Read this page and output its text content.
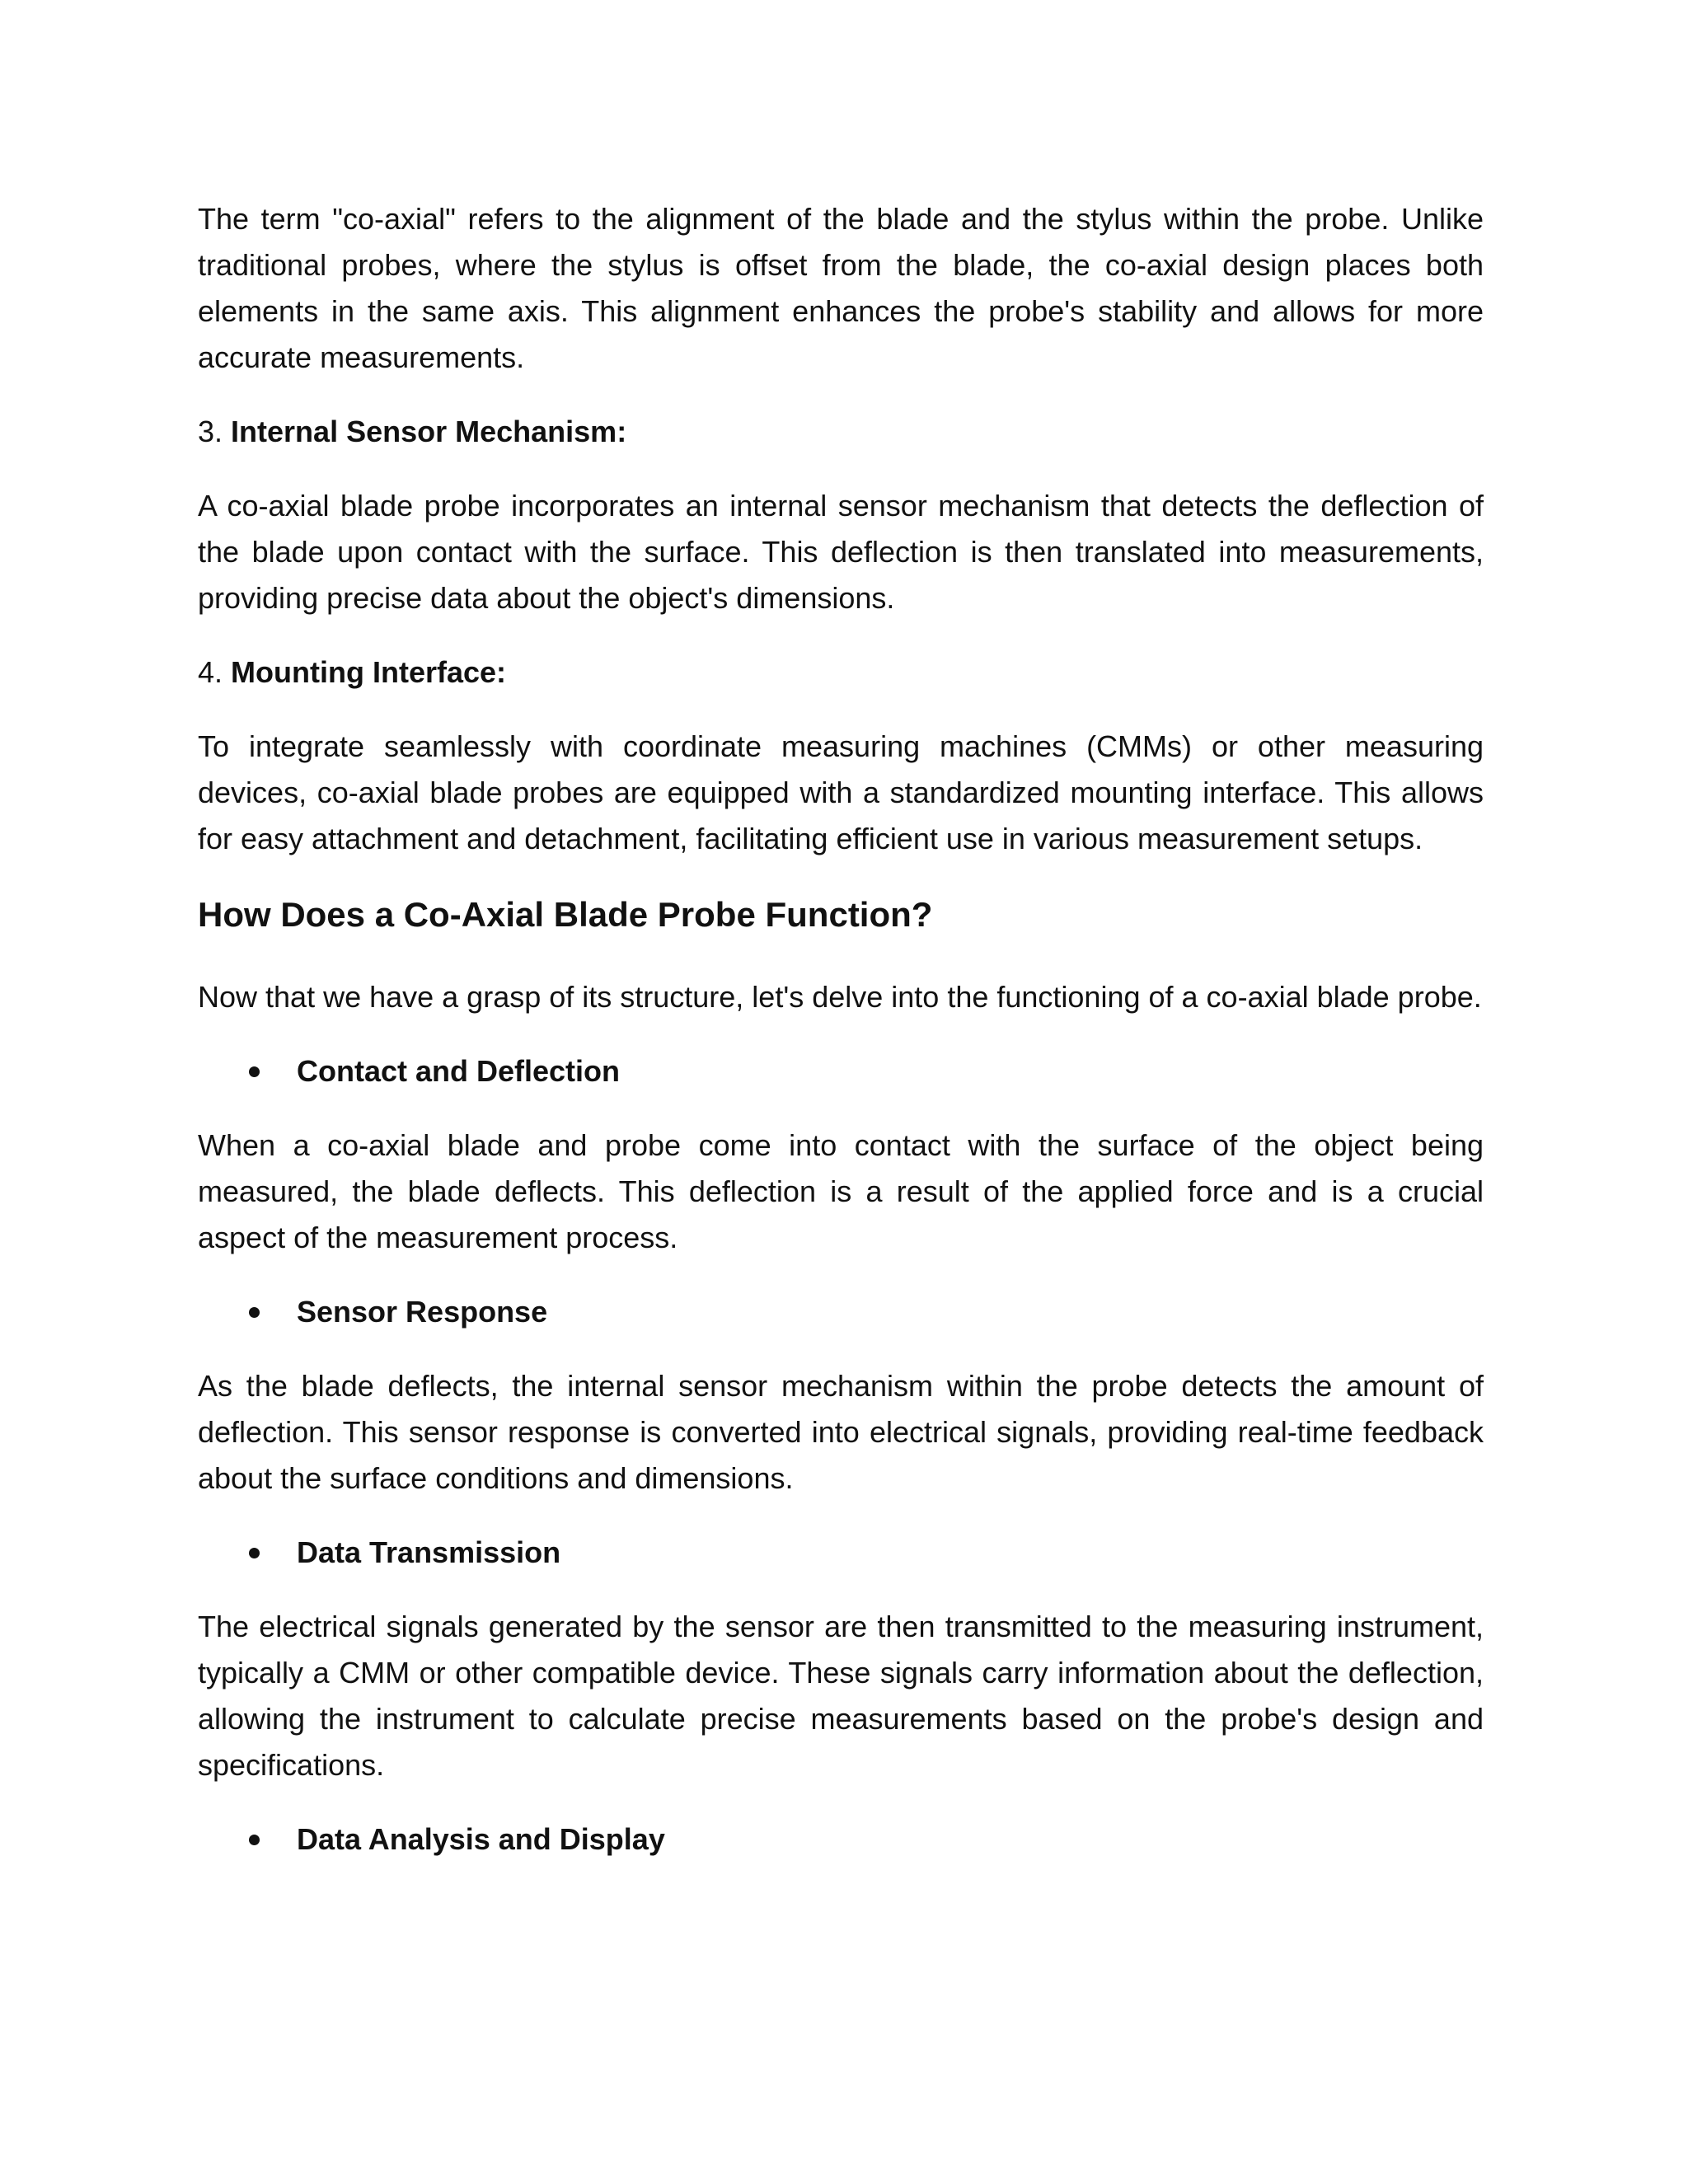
The term "co-axial" refers to the alignment of the blade and the stylus within the probe. Unlike traditional probes, where the stylus is offset from the blade, the co-axial design places both elements in the same axis. This alignment enhances the probe's stability and allows for more accurate measurements.

3. Internal Sensor Mechanism:

A co-axial blade probe incorporates an internal sensor mechanism that detects the deflection of the blade upon contact with the surface. This deflection is then translated into measurements, providing precise data about the object's dimensions.

4. Mounting Interface:

To integrate seamlessly with coordinate measuring machines (CMMs) or other measuring devices, co-axial blade probes are equipped with a standardized mounting interface. This allows for easy attachment and detachment, facilitating efficient use in various measurement setups.

How Does a Co-Axial Blade Probe Function?

Now that we have a grasp of its structure, let's delve into the functioning of a co-axial blade probe.

Contact and Deflection

When a co-axial blade and probe come into contact with the surface of the object being measured, the blade deflects. This deflection is a result of the applied force and is a crucial aspect of the measurement process.

Sensor Response

As the blade deflects, the internal sensor mechanism within the probe detects the amount of deflection. This sensor response is converted into electrical signals, providing real-time feedback about the surface conditions and dimensions.

Data Transmission

The electrical signals generated by the sensor are then transmitted to the measuring instrument, typically a CMM or other compatible device. These signals carry information about the deflection, allowing the instrument to calculate precise measurements based on the probe's design and specifications.

Data Analysis and Display
